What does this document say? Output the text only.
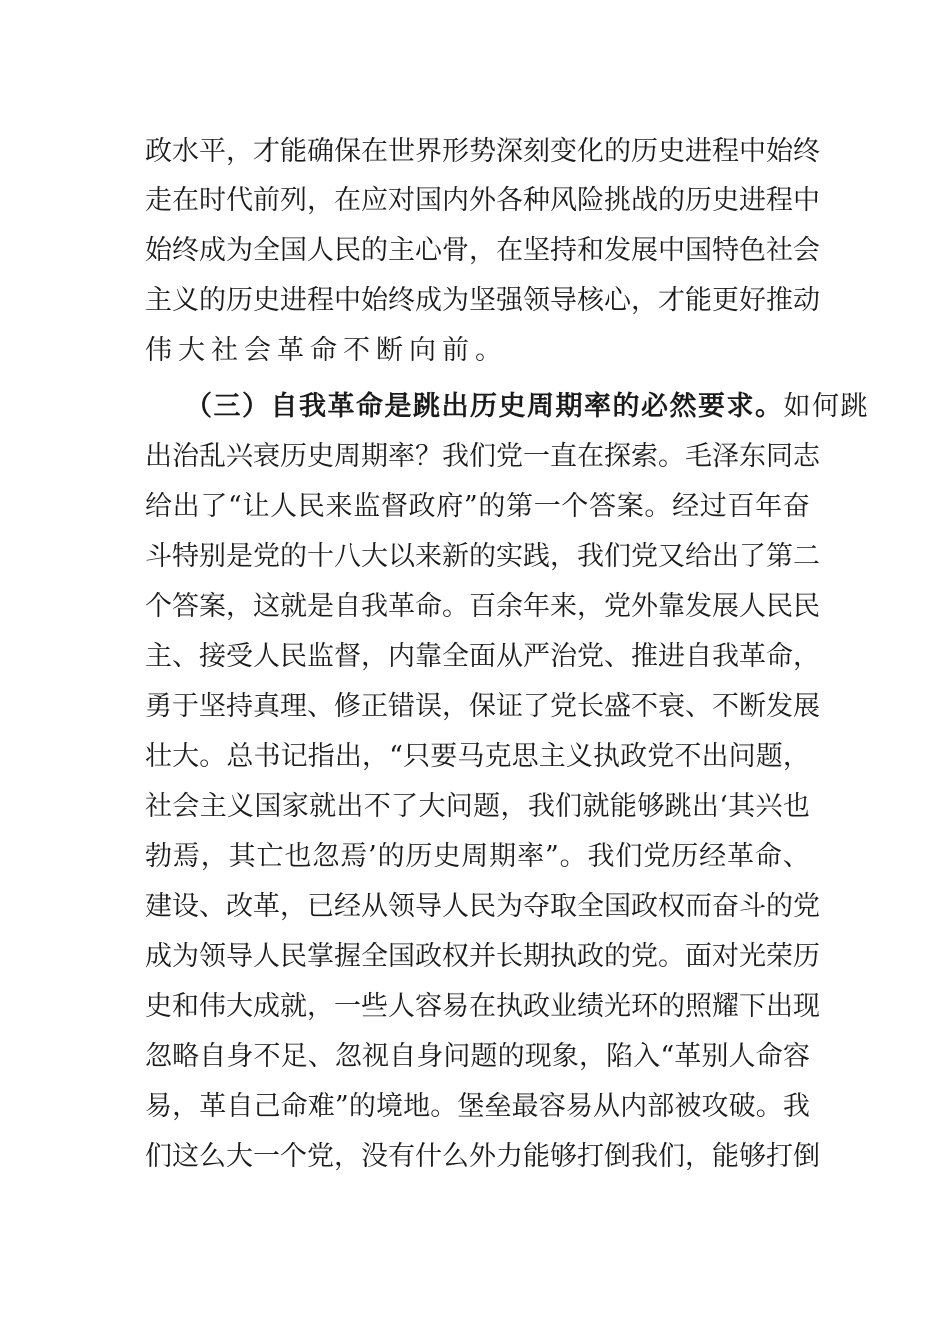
政 水 平 ， 才 能 确 保 在 世 界 形 势 深 刻 变 化 的 历 史 进 程 中 始 终
走 在 时 代 前 列 ， 在 应 对 国 内 外 各 种 风 险 挑 战 的 历 史 进 程 中
始 终 成 为 全 国 人 民 的 主 心 骨 ， 在 坚 持 和 发 展 中 国 特 色 社 会
主 义 的 历 史 进 程 中 始 终 成 为 坚 强 领 导 核 心 ， 才 能 更 好 推 动
伟大社会革命不断向前。
（三）自我革命是跳出历史周期率的必然要求。 如何跳
出 治 乱 兴 衰 历 史 周 期 率 ？ 我 们 党 一 直 在 探 索 。 毛 泽 东 同 志
给 出 了 “ 让 人 民 来 监 督 政 府 ” 的 第 一 个 答 案 。 经 过 百 年 奋
斗 特 别 是 党 的 十 八 大 以 来 新 的 实 践 ， 我 们 党 又 给 出 了 第 二
个 答 案 ， 这 就 是 自 我 革 命 。 百 余 年 来 ， 党 外 靠 发 展 人 民 民
主 、 接 受 人 民 监 督 ， 内 靠 全 面 从 严 治 党 、 推 进 自 我 革 命 ，
勇 于 坚 持 真 理 、 修 正 错 误 ， 保 证 了 党 长 盛 不 衰 、 不 断 发 展
壮 大 。 总 书 记 指 出 ， “ 只 要 马 克 思 主 义 执 政 党 不 出 问 题 ，
社 会 主 义 国 家 就 出 不 了 大 问 题 ， 我 们 就 能 够 跳 出 ‘ 其 兴 也
勃 焉 ， 其 亡 也 忽 焉 ’ 的 历 史 周 期 率 ” 。 我 们 党 历 经 革 命 、
建 设 、 改 革 ， 已 经 从 领 导 人 民 为 夺 取 全 国 政 权 而 奋 斗 的 党
成 为 领 导 人 民 掌 握 全 国 政 权 并 长 期 执 政 的 党 。 面 对 光 荣 历
史 和 伟 大 成 就 ， 一 些 人 容 易 在 执 政 业 绩 光 环 的 照 耀 下 出 现
忽 略 自 身 不 足 、 忽 视 自 身 问 题 的 现 象 ， 陷 入 “ 革 别 人 命 容
易 ， 革 自 己 命 难 ” 的 境 地 。 堡 垒 最 容 易 从 内 部 被 攻 破 。 我
们 这 么 大 一 个 党 ， 没 有 什 么 外 力 能 够 打 倒 我 们 ， 能 够 打 倒
